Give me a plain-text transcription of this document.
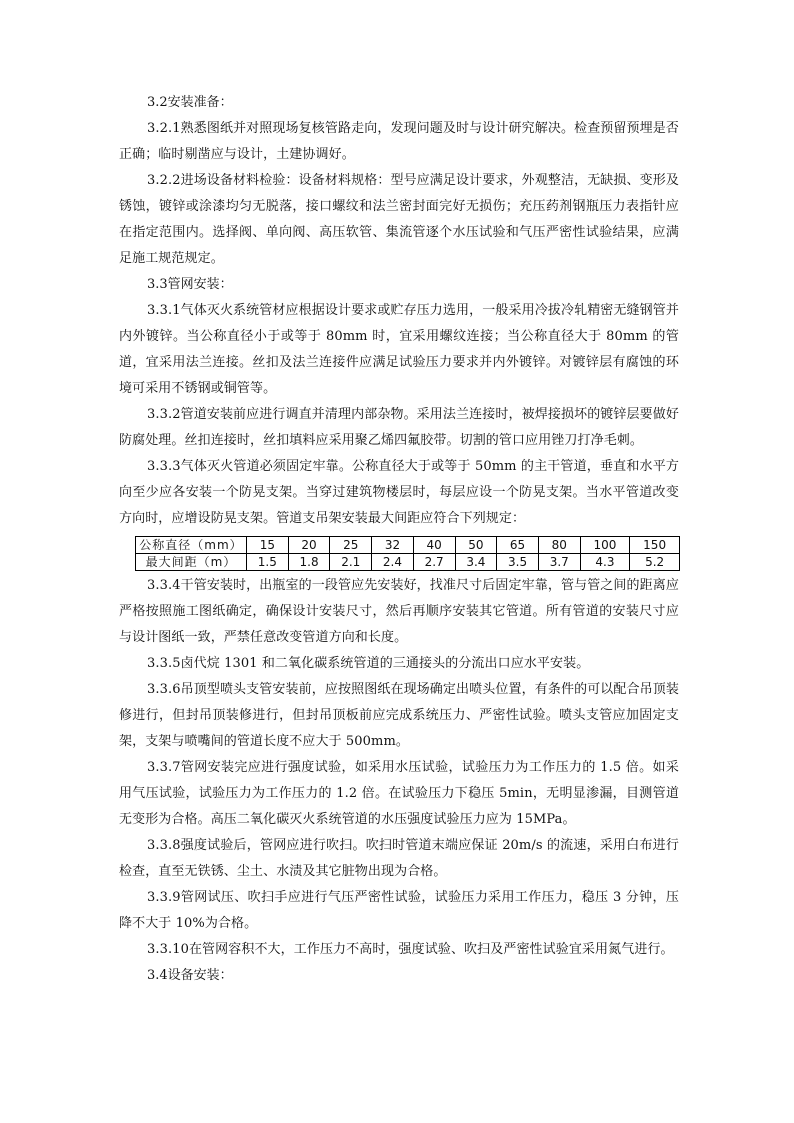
3.2安装准备：

3.2.1熟悉图纸并对照现场复核管路走向，发现问题及时与设计研究解决。检查预留预埋是否正确；临时剔凿应与设计，土建协调好。

3.2.2进场设备材料检验：设备材料规格：型号应满足设计要求，外观整洁，无缺损、变形及锈蚀，镀锌或涂漆均匀无脱落，接口螺纹和法兰密封面完好无损伤；充压药剂钢瓶压力表指针应在指定范围内。选择阀、单向阀、高压软管、集流管逐个水压试验和气压严密性试验结果，应满足施工规范规定。

3.3管网安装：

3.3.1气体灭火系统管材应根据设计要求或贮存压力选用，一般采用冷拔冷轧精密无缝钢管并内外镀锌。当公称直径小于或等于 80mm 时，宜采用螺纹连接；当公称直径大于 80mm 的管道，宜采用法兰连接。丝扣及法兰连接件应满足试验压力要求并内外镀锌。对镀锌层有腐蚀的环境可采用不锈钢或铜管等。

3.3.2管道安装前应进行调直并清理内部杂物。采用法兰连接时，被焊接损坏的镀锌层要做好防腐处理。丝扣连接时，丝扣填料应采用聚乙烯四氟胶带。切割的管口应用锉刀打净毛刺。

3.3.3气体灭火管道必须固定牢靠。公称直径大于或等于 50mm 的主干管道，垂直和水平方向至少应各安装一个防晃支架。当穿过建筑物楼层时，每层应设一个防晃支架。当水平管道改变方向时，应增设防晃支架。管道支吊架安装最大间距应符合下列规定：

公称直径（mm）	15	20	25	32	40	50	65	80	100	150
最大间距（m）	1.5	1.8	2.1	2.4	2.7	3.4	3.5	3.7	4.3	5.2

3.3.4干管安装时，出瓶室的一段管应先安装好，找准尺寸后固定牢靠，管与管之间的距离应严格按照施工图纸确定，确保设计安装尺寸，然后再顺序安装其它管道。所有管道的安装尺寸应与设计图纸一致，严禁任意改变管道方向和长度。

3.3.5卤代烷 1301 和二氧化碳系统管道的三通接头的分流出口应水平安装。

3.3.6吊顶型喷头支管安装前，应按照图纸在现场确定出喷头位置，有条件的可以配合吊顶装修进行，但封吊顶装修进行，但封吊顶板前应完成系统压力、严密性试验。喷头支管应加固定支架，支架与喷嘴间的管道长度不应大于 500mm。

3.3.7管网安装完应进行强度试验，如采用水压试验，试验压力为工作压力的 1.5 倍。如采用气压试验，试验压力为工作压力的 1.2 倍。在试验压力下稳压 5min，无明显渗漏，目测管道无变形为合格。高压二氧化碳灭火系统管道的水压强度试验压力应为 15MPa。

3.3.8强度试验后，管网应进行吹扫。吹扫时管道末端应保证 20m/s 的流速，采用白布进行检查，直至无铁锈、尘土、水渍及其它脏物出现为合格。

3.3.9管网试压、吹扫手应进行气压严密性试验，试验压力采用工作压力，稳压 3 分钟，压降不大于 10%为合格。

3.3.10在管网容积不大，工作压力不高时，强度试验、吹扫及严密性试验宜采用氮气进行。

3.4设备安装：
